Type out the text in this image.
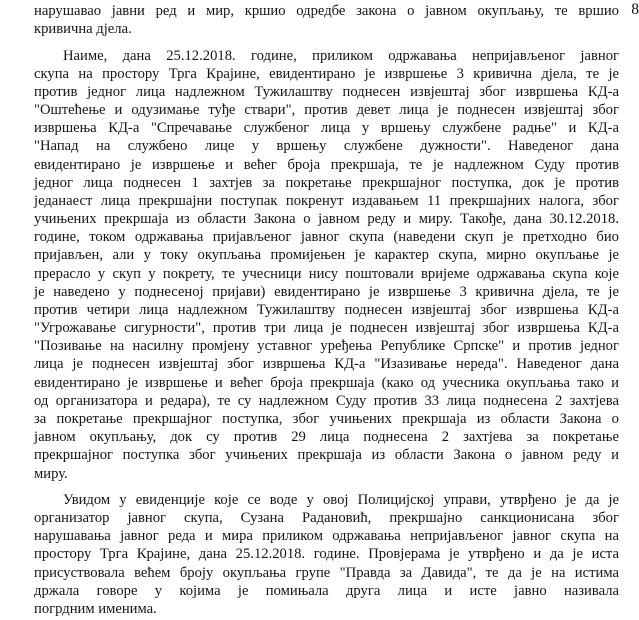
8
нарушавао јавни ред и мир, кршио одредбе закона о јавном окупљању, те вршио
кривична дјела.
Наиме, дана 25.12.2018. године, приликом одржавања непријављеног јавног
скупа на простору Трга Крајине, евидентирано је извршење 3 кривична дјела, те је
против једног лица надлежном Тужилаштву поднесен извјештај због извршења КД-а
"Оштећење и одузимање туђе ствари", против девет лица је поднесен извјештај због
извршења КД-а "Спречавање службеног лица у вршењу службене радње" и КД-а
"Напад на службено лице у вршењу службене дужности". Наведеног дана
евидентирано је извршење и већег броја прекршаја, те је надлежном Суду против
једног лица поднесен 1 захтјев за покретање прекршајног поступка, док је против
једанаест лица прекршајни поступак покренут издавањем 11 прекршајних налога, због
учињених прекршаја из области Закона о јавном реду и миру. Такође, дана 30.12.2018.
године, током одржавања пријављеног јавног скупа (наведени скуп је претходно био
пријављен, али у току окупљања промијењен је карактер скупа, мирно окупљање је
прерасло у скуп у покрету, те учесници нису поштовали вријеме одржавања скупа које
је наведено у поднесеној пријави) евидентирано је извршење 3 кривична дјела, те је
против четири лица надлежном Тужилаштву поднесен извјештај због извршења КД-а
"Угрожавање сигурности", против три лица је поднесен извјештај због извршења КД-а
"Позивање на насилну промјену уставног уређења Републике Српске" и против једног
лица је поднесен извјештај због извршења КД-а "Изазивање нереда". Наведеног дана
евидентирано је извршење и већег броја прекршаја (како од учесника окупљања тако и
од организатора и редара), те су надлежном Суду против 33 лица поднесена 2 захтјева
за покретање прекршајног поступка, због учињених прекршаја из области Закона о
јавном окупљању, док су против 29 лица поднесена 2 захтјева за покретање
прекршајног поступка због учињених прекршаја из области Закона о јавном реду и
миру.
Увидом у евиденције које се воде у овој Полицијској управи, утврђено је да је
организатор јавног скупа, Сузана Радановић, прекршајно санкционисана због
нарушавања јавног реда и мира приликом одржавања непријављеног јавног скупа на
простору Трга Крајине, дана 25.12.2018. године. Провјерама је утврђено и да је иста
присуствовала већем броју окупљања групе "Правда за Давида", те да је на истима
држала говоре у којима је помињала друга лица и исте јавно називала
погрдним именима.
